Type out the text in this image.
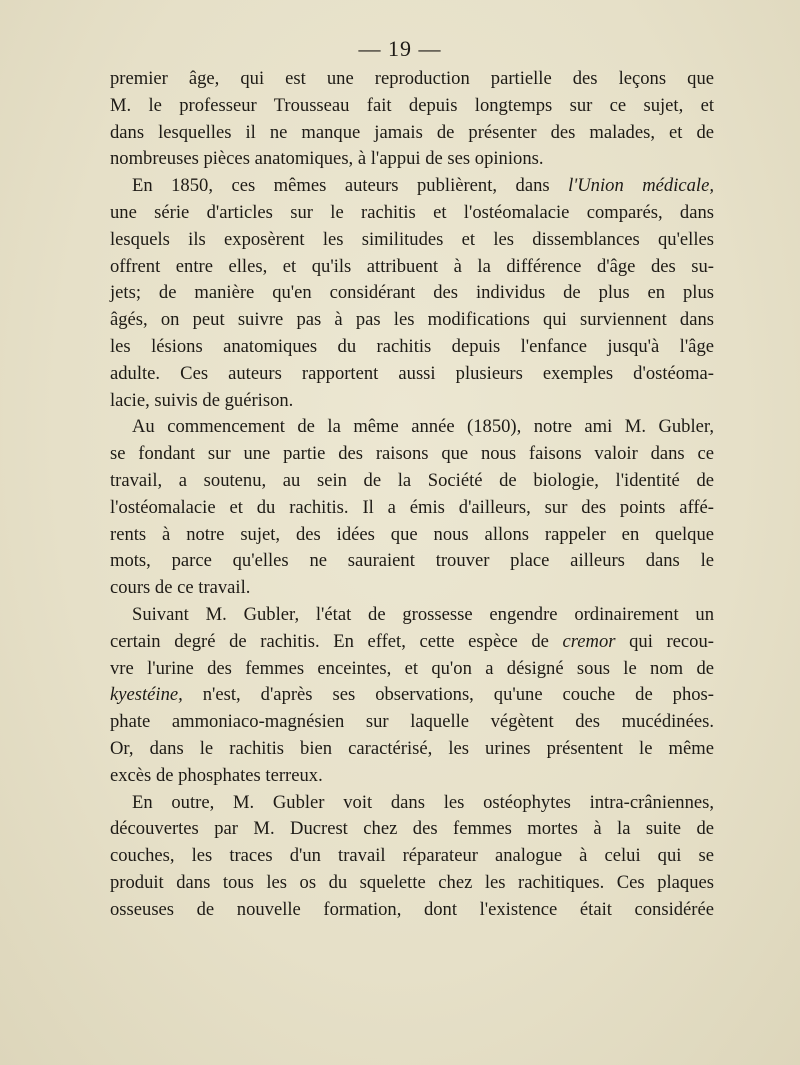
— 19 —
premier âge, qui est une reproduction partielle des leçons que
M. le professeur Trousseau fait depuis longtemps sur ce sujet, et
dans lesquelles il ne manque jamais de présenter des malades, et de
nombreuses pièces anatomiques, à l'appui de ses opinions.
En 1850, ces mêmes auteurs publièrent, dans l'Union médicale,
une série d'articles sur le rachitis et l'ostéomalacie comparés, dans
lesquels ils exposèrent les similitudes et les dissemblances qu'elles
offrent entre elles, et qu'ils attribuent à la différence d'âge des su-
jets; de manière qu'en considérant des individus de plus en plus
âgés, on peut suivre pas à pas les modifications qui surviennent dans
les lésions anatomiques du rachitis depuis l'enfance jusqu'à l'âge
adulte. Ces auteurs rapportent aussi plusieurs exemples d'ostéoma-
lacie, suivis de guérison.
Au commencement de la même année (1850), notre ami M. Gubler,
se fondant sur une partie des raisons que nous faisons valoir dans ce
travail, a soutenu, au sein de la Société de biologie, l'identité de
l'ostéomalacie et du rachitis. Il a émis d'ailleurs, sur des points affé-
rents à notre sujet, des idées que nous allons rappeler en quelque
mots, parce qu'elles ne sauraient trouver place ailleurs dans le
cours de ce travail.
Suivant M. Gubler, l'état de grossesse engendre ordinairement un
certain degré de rachitis. En effet, cette espèce de cremor qui recou-
vre l'urine des femmes enceintes, et qu'on a désigné sous le nom de
kyestéine, n'est, d'après ses observations, qu'une couche de phos-
phate ammoniaco-magnésien sur laquelle végètent des mucédinées.
Or, dans le rachitis bien caractérisé, les urines présentent le même
excès de phosphates terreux.
En outre, M. Gubler voit dans les ostéophytes intra-crâniennes,
découvertes par M. Ducrest chez des femmes mortes à la suite de
couches, les traces d'un travail réparateur analogue à celui qui se
produit dans tous les os du squelette chez les rachitiques. Ces plaques
osseuses de nouvelle formation, dont l'existence était considérée
